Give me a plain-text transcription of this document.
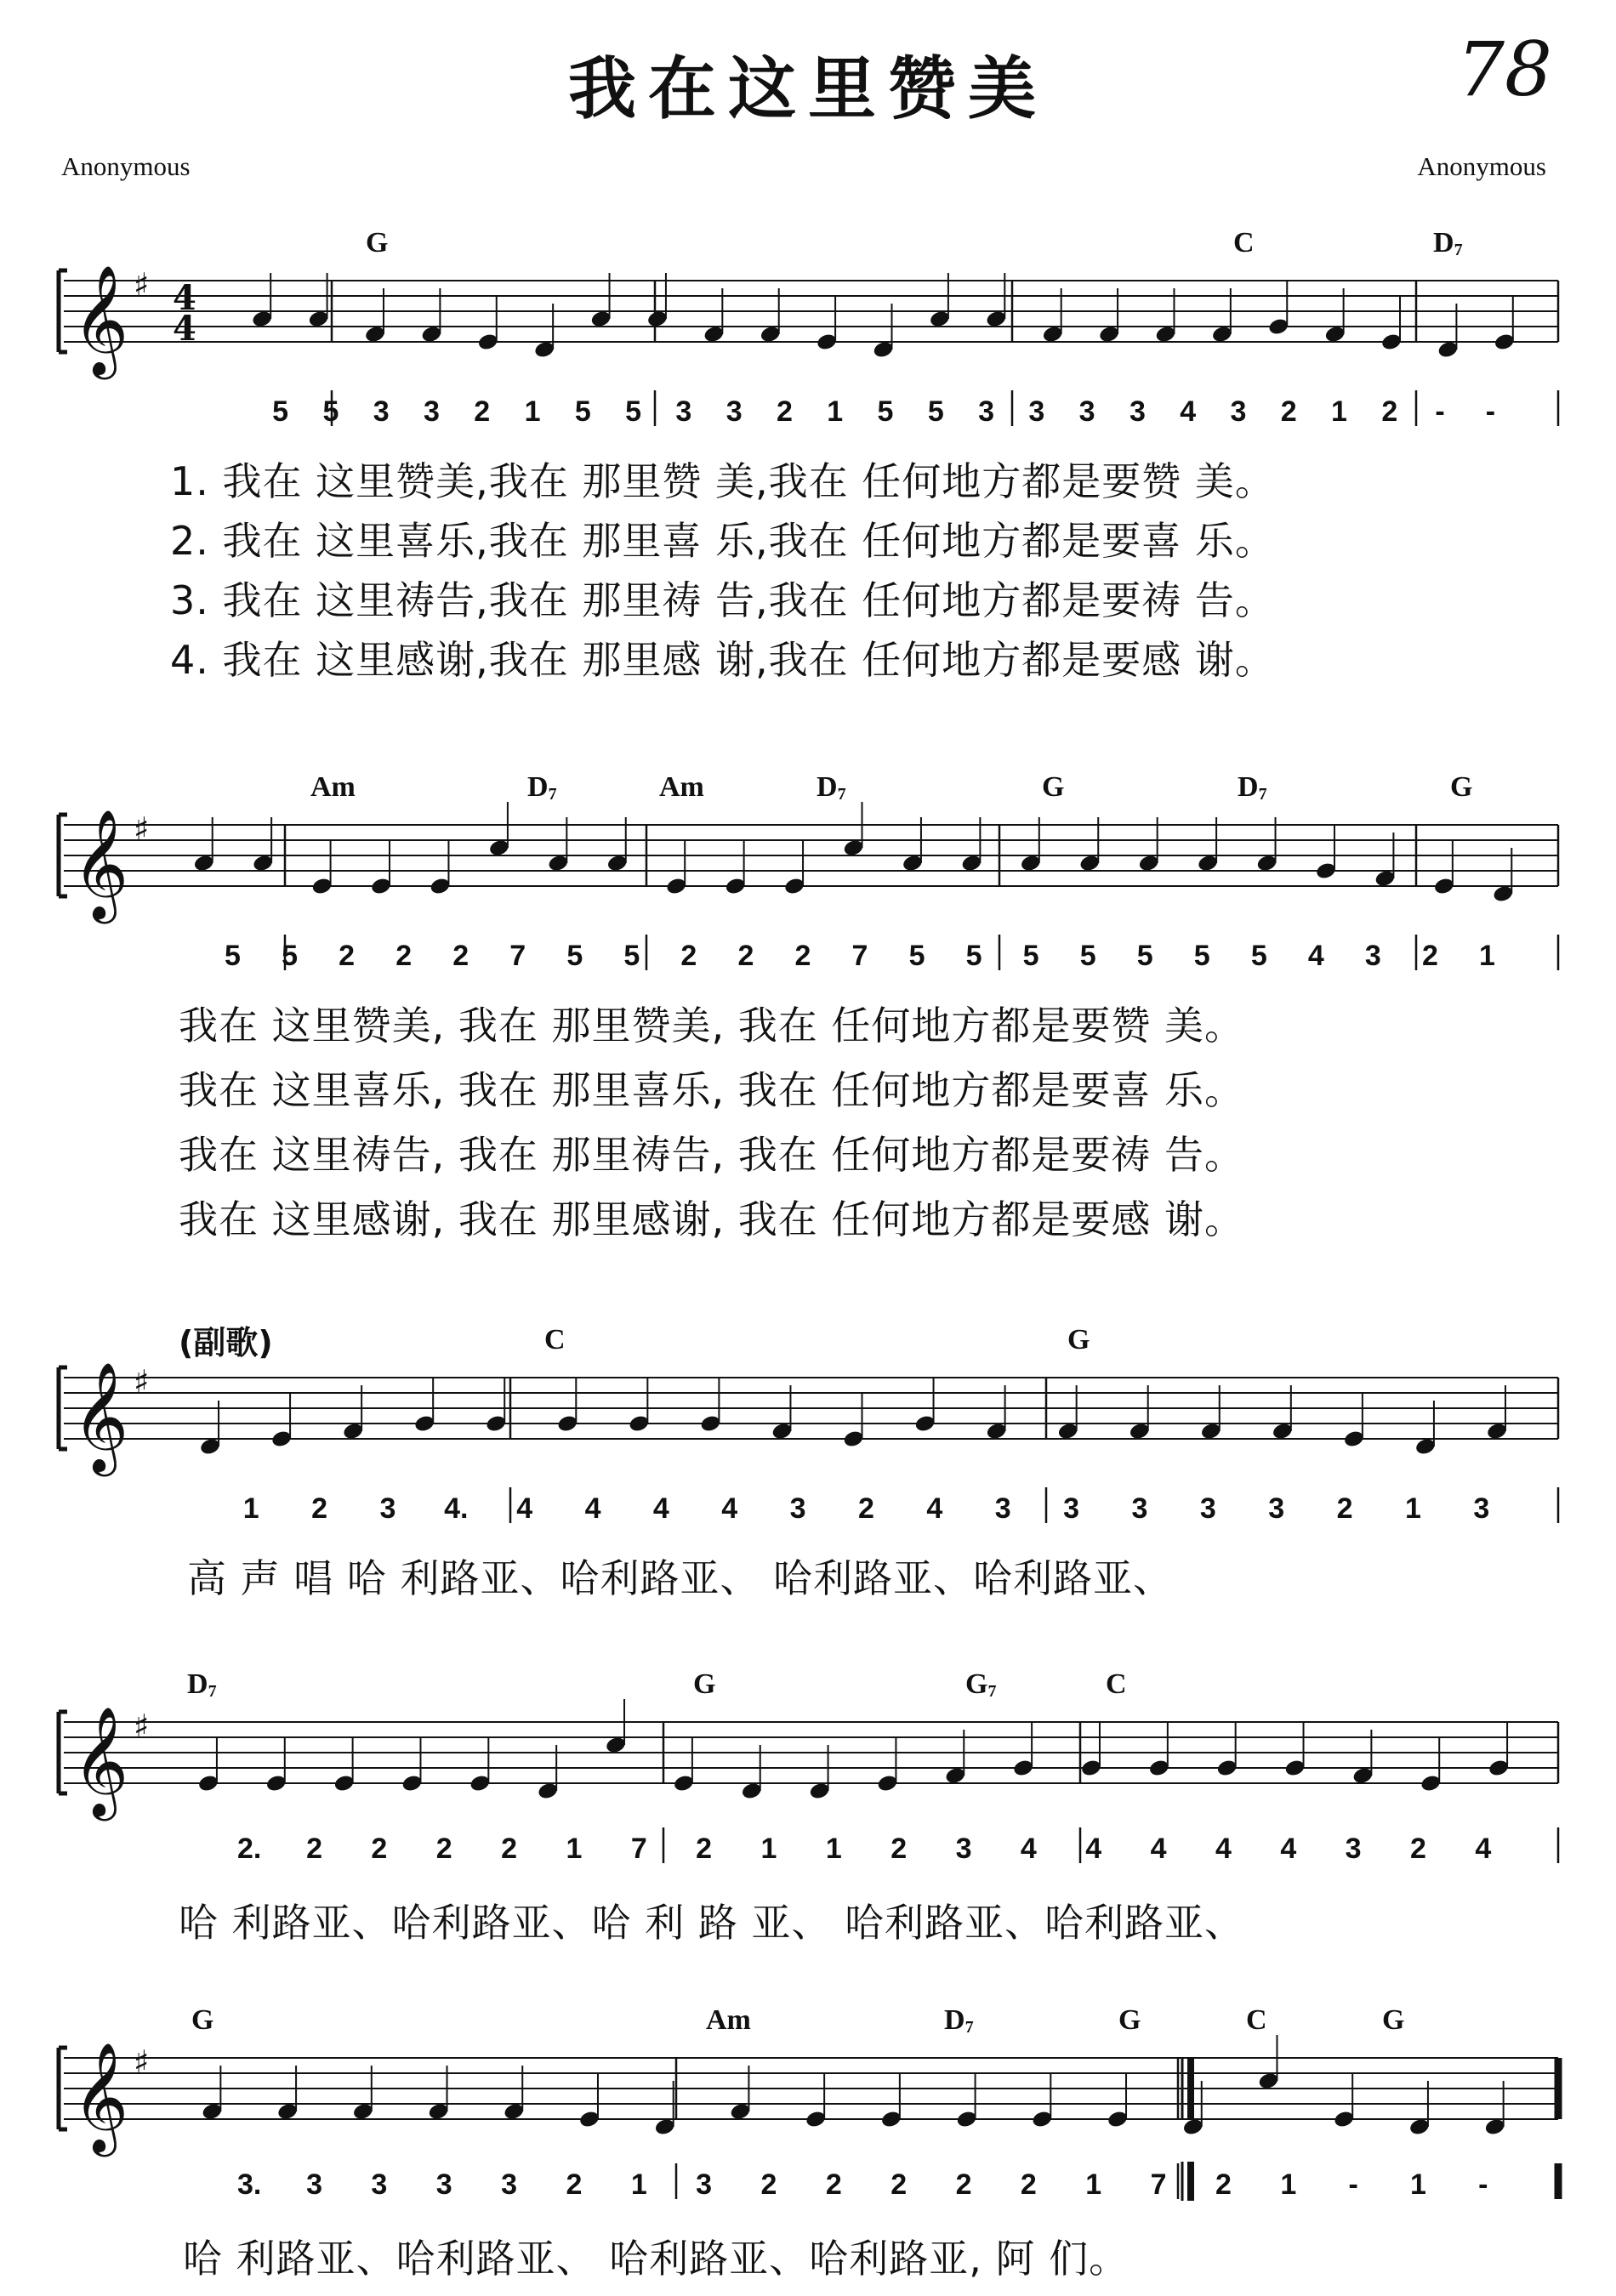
我在这里赞美	78
Anonymous	Anonymous
𝄞 ♯ 4
4
G	C	D7
5 5 3 3 2 1 5 5 3 3 2 1 5 5 3 3 3 3 4 3 2 1 2 - -
1. 我在 这里赞美,我在 那里赞 美,我在 任何地方都是要赞 美。
2. 我在 这里喜乐,我在 那里喜 乐,我在 任何地方都是要喜 乐。
3. 我在 这里祷告,我在 那里祷 告,我在 任何地方都是要祷 告。
4. 我在 这里感谢,我在 那里感 谢,我在 任何地方都是要感 谢。
𝄞 ♯
Am	D7	Am	D7	G	D7	G
5 5 2 2 2 7 5 5 2 2 2 7 5 5 5 5 5 5 5 4 3 2 1
我在 这里赞美, 我在 那里赞美, 我在 任何地方都是要赞 美。
我在 这里喜乐, 我在 那里喜乐, 我在 任何地方都是要喜 乐。
我在 这里祷告, 我在 那里祷告, 我在 任何地方都是要祷 告。
我在 这里感谢, 我在 那里感谢, 我在 任何地方都是要感 谢。
𝄞 ♯
(副歌)	C	G
1 2 3 4. 4 4 4 4 3 2 4 3 3 3 3 3 2 1 3
高 声 唱 哈 利路亚、哈利路亚、 哈利路亚、哈利路亚、
𝄞 ♯
D7	G	G7	C
2. 2 2 2 2 1 7 2 1 1 2 3 4 4 4 4 4 3 2 4
哈 利路亚、哈利路亚、哈 利 路 亚、 哈利路亚、哈利路亚、
𝄞 ♯
G	Am	D7	G	C	G
3. 3 3 3 3 2 1 3 2 2 2 2 2 1 7 2 1 - 1 -
哈 利路亚、哈利路亚、 哈利路亚、哈利路亚, 阿 们。
